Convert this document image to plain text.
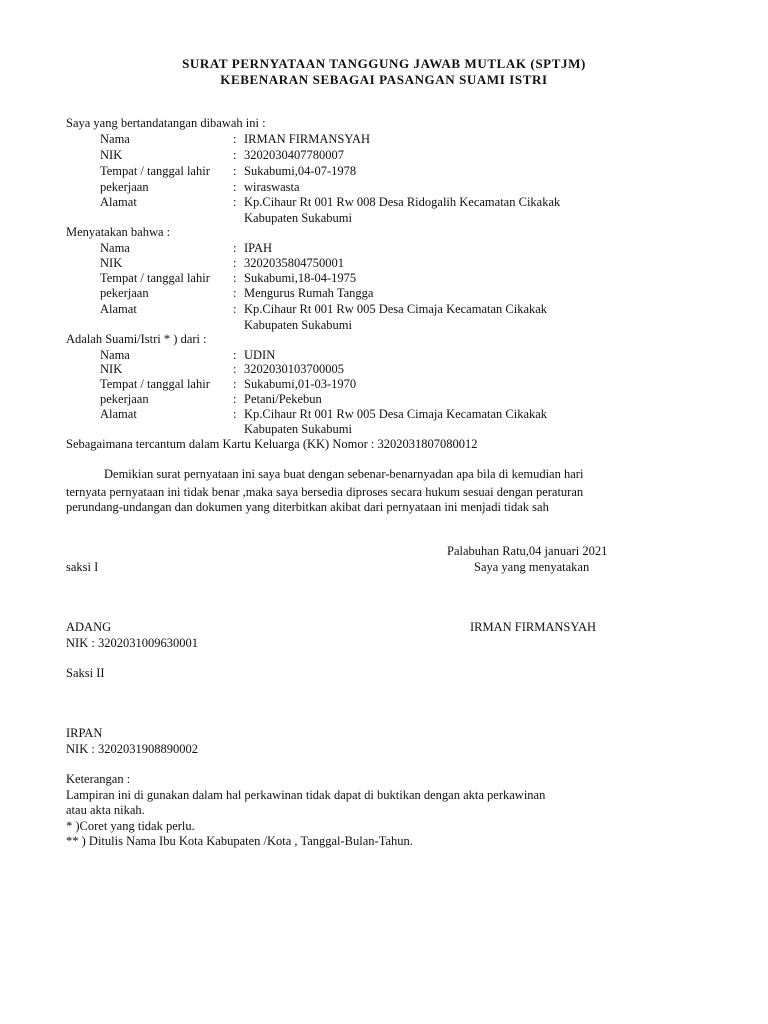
SURAT PERNYATAAN TANGGUNG JAWAB MUTLAK (SPTJM)
KEBENARAN SEBAGAI PASANGAN SUAMI ISTRI
Saya yang bertandatangan dibawah ini :
Nama	: IRMAN FIRMANSYAH
NIK	: 3202030407780007
Tempat / tanggal lahir : Sukabumi,04-07-1978
pekerjaan	: wiraswasta
Alamat	: Kp.Cihaur Rt 001 Rw 008 Desa Ridogalih Kecamatan Cikakak
Kabupaten Sukabumi
Menyatakan bahwa :
Nama	: IPAH
NIK	: 3202035804750001
Tempat / tanggal lahir : Sukabumi,18-04-1975
pekerjaan	: Mengurus Rumah Tangga
Alamat	: Kp.Cihaur Rt 001 Rw 005 Desa Cimaja Kecamatan Cikakak
Kabupaten Sukabumi
Adalah Suami/Istri * ) dari :
Nama	: UDIN
NIK	: 3202030103700005
Tempat / tanggal lahir : Sukabumi,01-03-1970
pekerjaan	: Petani/Pekebun
Alamat	: Kp.Cihaur Rt 001 Rw 005 Desa Cimaja Kecamatan Cikakak
Kabupaten Sukabumi
Sebagaimana tercantum dalam Kartu Keluarga (KK) Nomor : 3202031807080012
Demikian surat pernyataan ini saya buat dengan sebenar-benarnyadan apa bila di kemudian hari
ternyata pernyataan ini tidak benar ,maka saya bersedia diproses secara hukum sesuai dengan peraturan
perundang-undangan dan dokumen yang diterbitkan akibat dari pernyataan ini menjadi tidak sah
Palabuhan Ratu,04 januari 2021
saksi I	Saya yang menyatakan
ADANG	IRMAN FIRMANSYAH
NIK : 3202031009630001
Saksi II
IRPAN
NIK : 3202031908890002
Keterangan :
Lampiran ini di gunakan dalam hal perkawinan tidak dapat di buktikan dengan akta perkawinan
atau akta nikah.
* )Coret yang tidak perlu.
** ) Ditulis Nama Ibu Kota Kabupaten /Kota , Tanggal-Bulan-Tahun.
